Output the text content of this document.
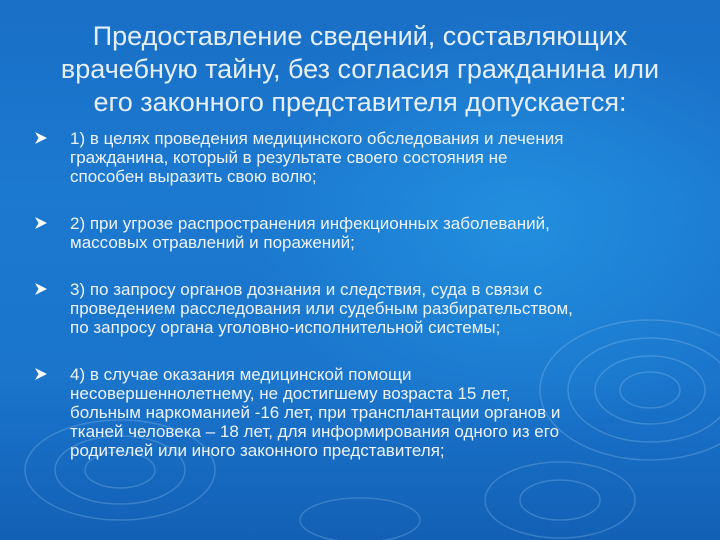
Предоставление сведений, составляющих
врачебную тайну, без согласия гражданина или
его законного представителя допускается:
1) в целях проведения медицинского обследования и лечения
гражданина, который в результате своего состояния не
способен выразить свою волю;
2) при угрозе распространения инфекционных заболеваний,
массовых отравлений и поражений;
3) по запросу органов дознания и следствия, суда в связи с
проведением расследования или судебным разбирательством,
по запросу органа уголовно-исполнительной системы;
4) в случае оказания медицинской помощи
несовершеннолетнему, не достигшему возраста 15 лет,
больным наркоманией -16 лет, при трансплантации органов и
тканей человека – 18 лет, для информирования одного из его
родителей или иного законного представителя;
